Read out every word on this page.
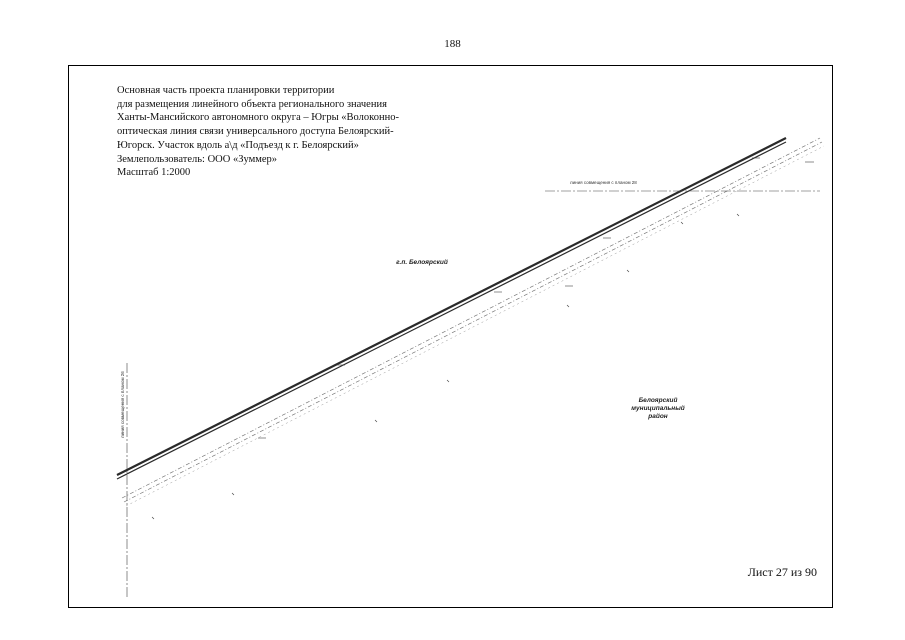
188
Основная часть проекта планировки территории
для размещения линейного объекта регионального значения
Ханты-Мансийского автономного округа – Югры «Волоконно-
оптическая линия связи универсального доступа Белоярский-
Югорск. Участок вдоль а\д «Подъезд к г. Белоярский»
Землепользователь: ООО «Зуммер»
Масштаб 1:2000
г.п. Белоярский
Белоярский
муниципальный
район
линия совмещения с планом 28
линия совмещения с планом 26
Лист 27 из 90
